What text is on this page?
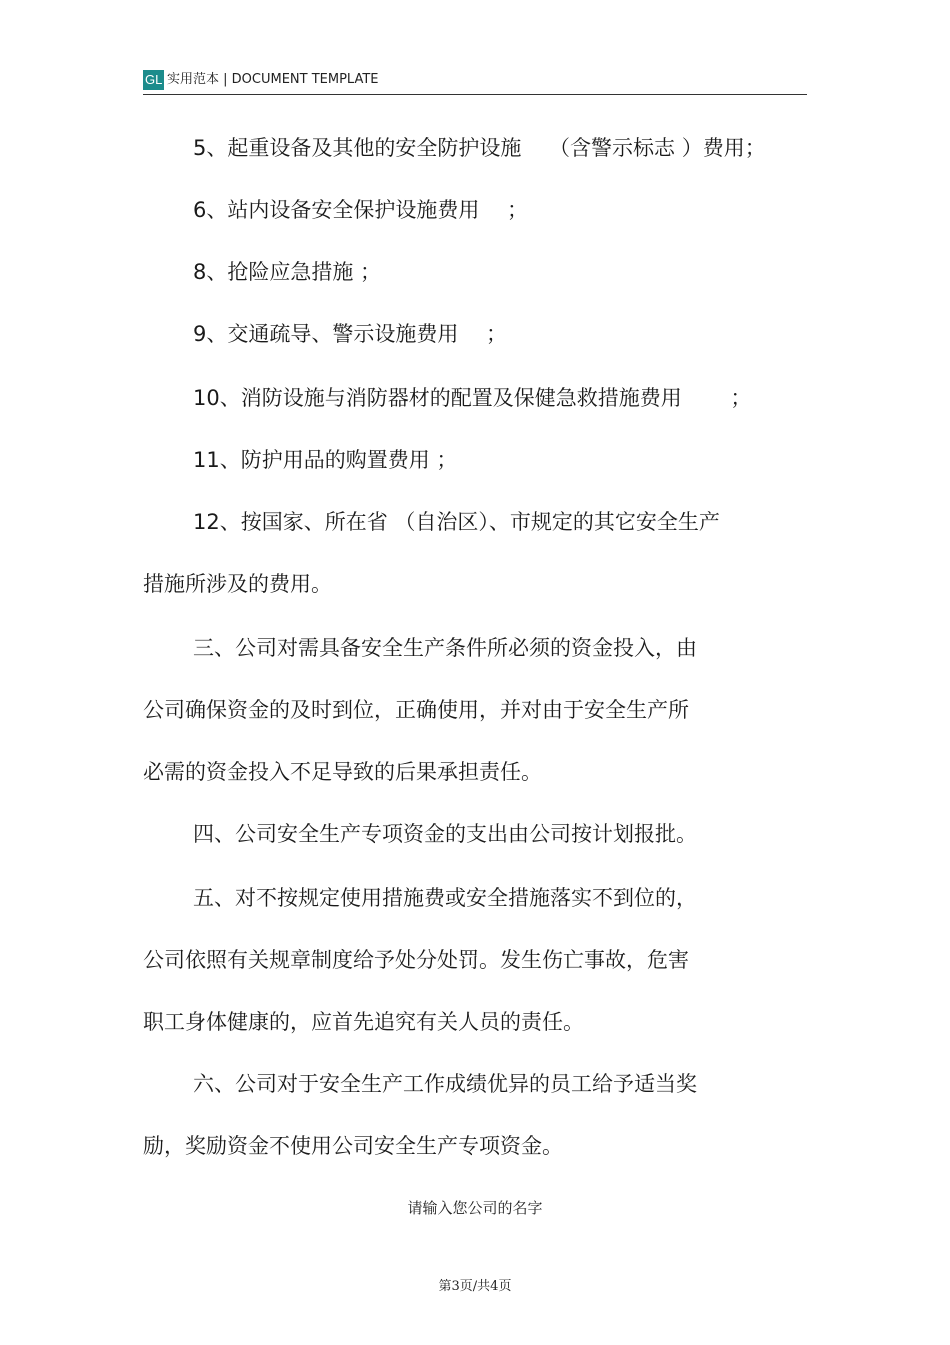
GL 实用范本 | DOCUMENT TEMPLATE
5、起重设备及其他的安全防护设施　 （含警示标志 ）费用；
6、站内设备安全保护设施费用　 ；
8、抢险应急措施 ；
9、交通疏导、警示设施费用　 ；
10、消防设施与消防器材的配置及保健急救措施费用　　 ；
11、防护用品的购置费用 ；
12、按国家、所在省 （自治区）、市规定的其它安全生产
措施所涉及的费用。
三、公司对需具备安全生产条件所必须的资金投入，由
公司确保资金的及时到位，正确使用，并对由于安全生产所
必需的资金投入不足导致的后果承担责任。
四、公司安全生产专项资金的支出由公司按计划报批。
五、对不按规定使用措施费或安全措施落实不到位的，
公司依照有关规章制度给予处分处罚。发生伤亡事故，危害
职工身体健康的，应首先追究有关人员的责任。
六、公司对于安全生产工作成绩优异的员工给予适当奖
励，奖励资金不使用公司安全生产专项资金。
请输入您公司的名字
第3页/共4页
